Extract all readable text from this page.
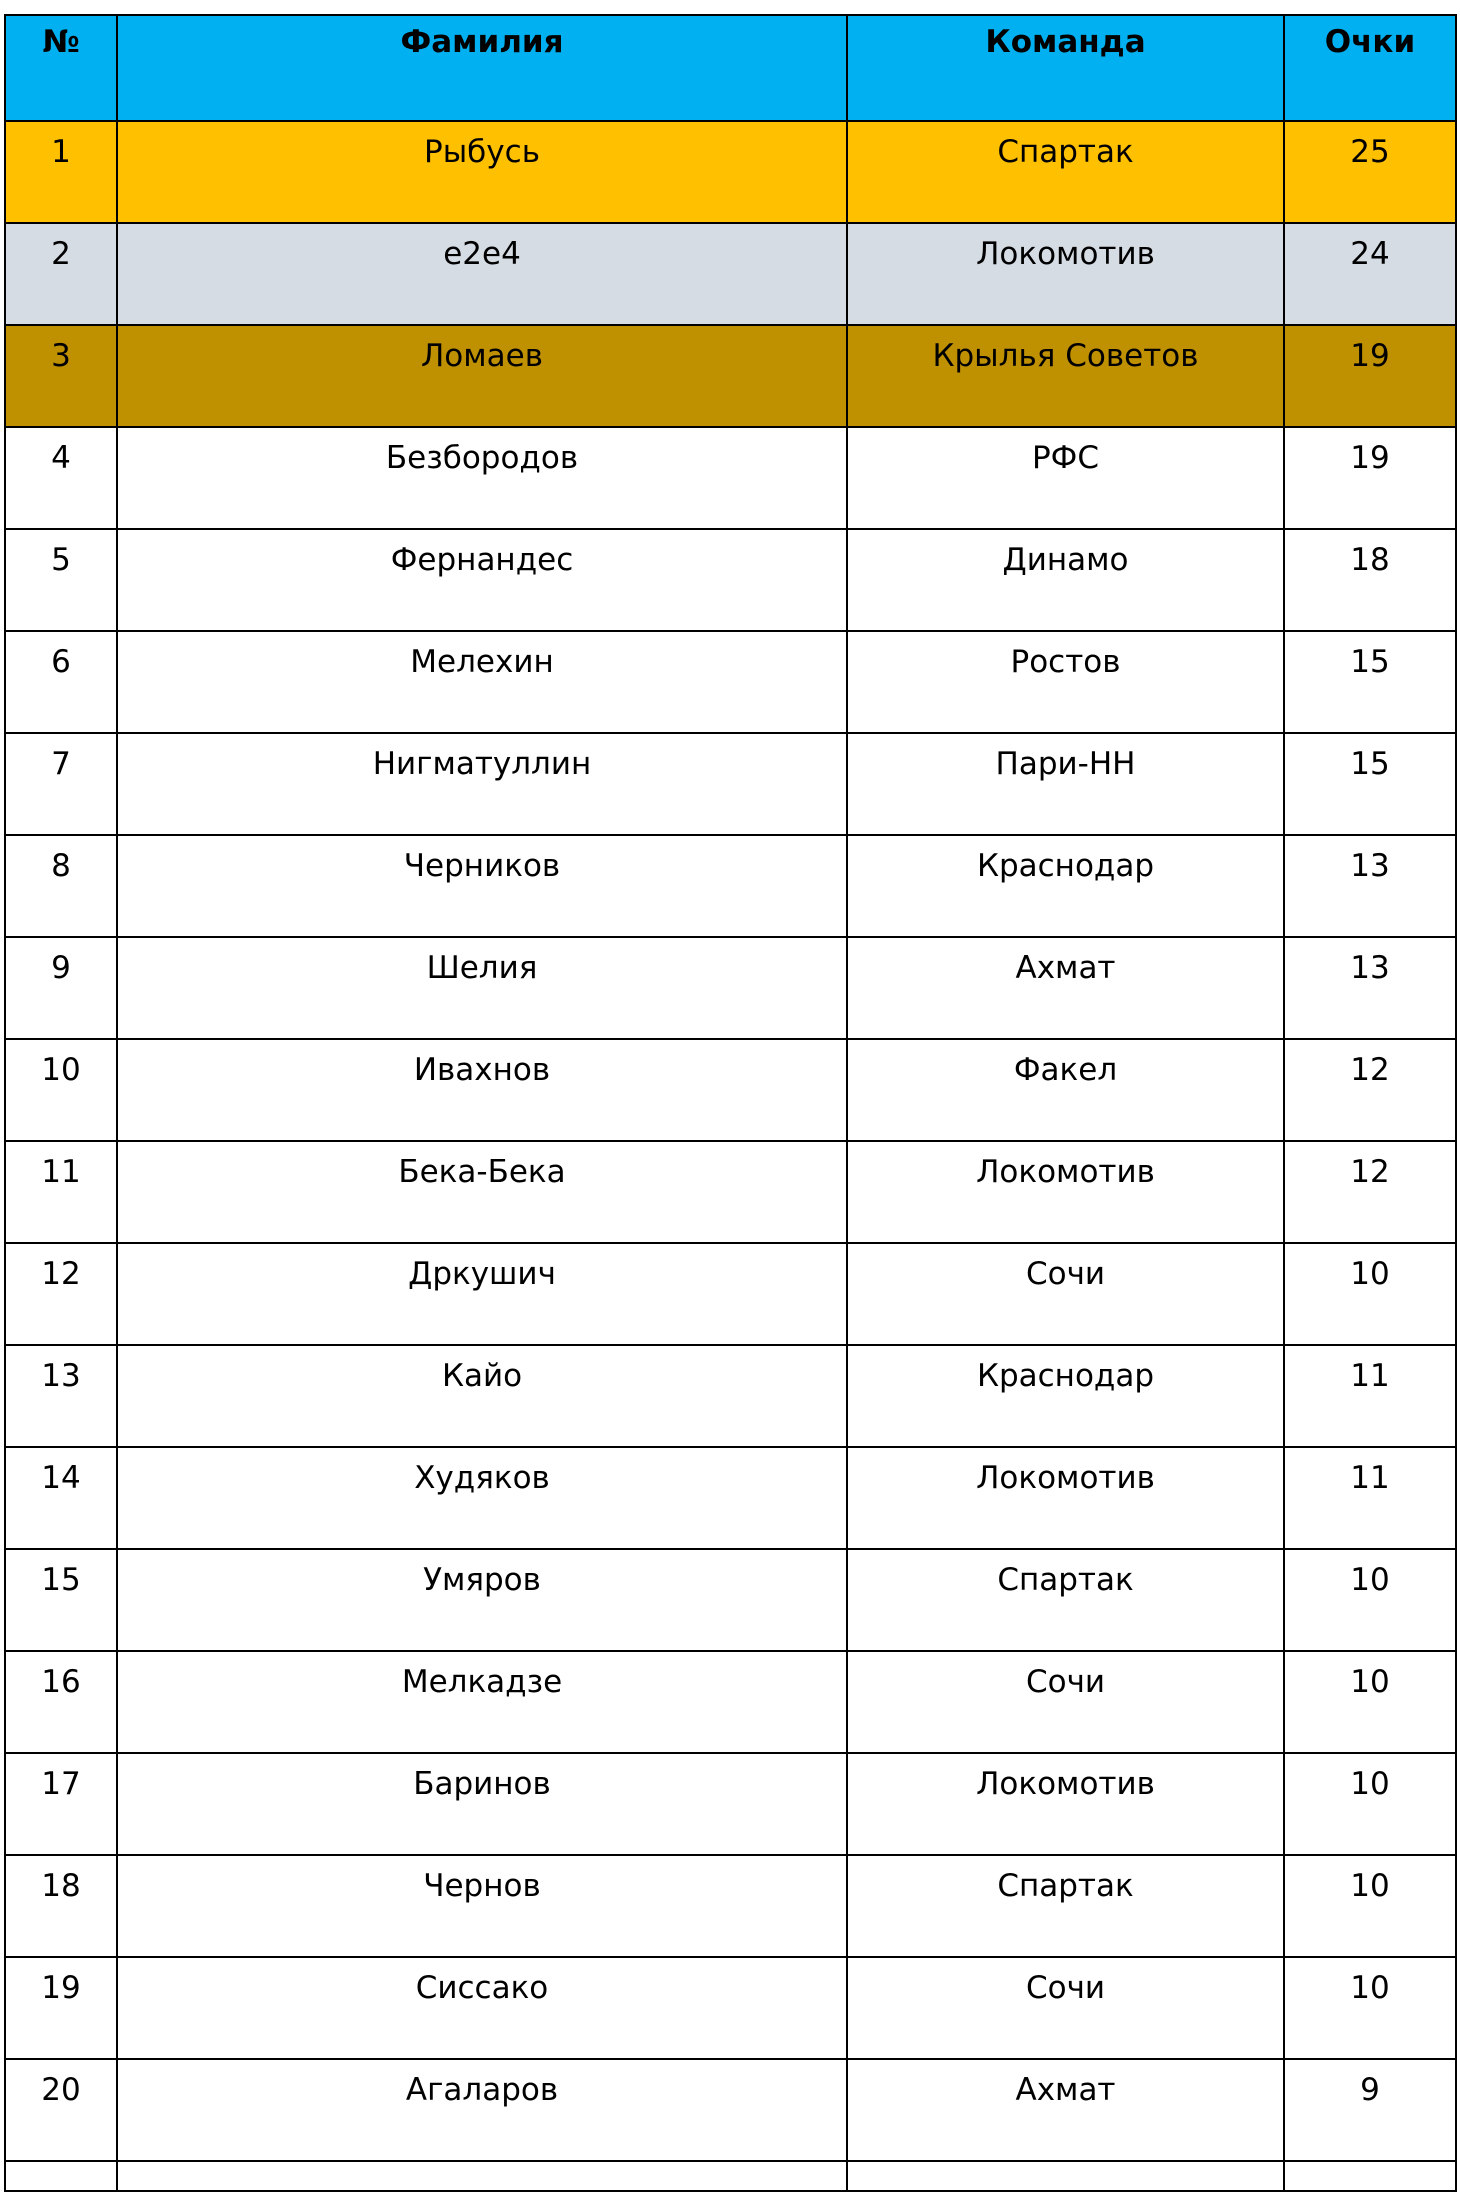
№	Фамилия	Команда	Очки
1	Рыбусь	Спартак	25
2	e2e4	Локомотив	24
3	Ломаев	Крылья Советов	19
4	Безбородов	РФС	19
5	Фернандес	Динамо	18
6	Мелехин	Ростов	15
7	Нигматуллин	Пари-НН	15
8	Черников	Краснодар	13
9	Шелия	Ахмат	13
10	Ивахнов	Факел	12
11	Бека-Бека	Локомотив	12
12	Дркушич	Сочи	10
13	Кайо	Краснодар	11
14	Худяков	Локомотив	11
15	Умяров	Спартак	10
16	Мелкадзе	Сочи	10
17	Баринов	Локомотив	10
18	Чернов	Спартак	10
19	Сиссако	Сочи	10
20	Агаларов	Ахмат	9
